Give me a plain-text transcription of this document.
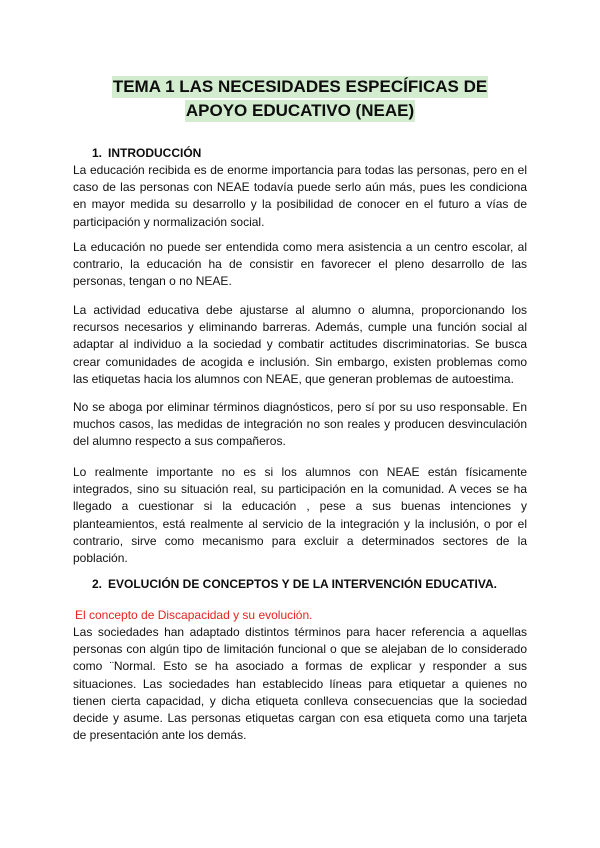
TEMA 1 LAS NECESIDADES ESPECÍFICAS DE
APOYO EDUCATIVO (NEAE)
1. INTRODUCCIÓN

La educación recibida es de enorme importancia para todas las personas, pero en el caso de las personas con NEAE todavía puede serlo aún más, pues les condiciona en mayor medida su desarrollo y la posibilidad de conocer en el futuro a vías de participación y normalización social.

La educación no puede ser entendida como mera asistencia a un centro escolar, al contrario, la educación ha de consistir en favorecer el pleno desarrollo de las personas, tengan o no NEAE.

La actividad educativa debe ajustarse al alumno o alumna, proporcionando los recursos necesarios y eliminando barreras. Además, cumple una función social al adaptar al individuo a la sociedad y combatir actitudes discriminatorias. Se busca crear comunidades de acogida e inclusión. Sin embargo, existen problemas como las etiquetas hacia los alumnos con NEAE, que generan problemas de autoestima.

No se aboga por eliminar términos diagnósticos, pero sí por su uso responsable. En muchos casos, las medidas de integración no son reales y producen desvinculación del alumno respecto a sus compañeros.

Lo realmente importante no es si los alumnos con NEAE están físicamente integrados, sino su situación real, su participación en la comunidad. A veces se ha llegado a cuestionar si la educación , pese a sus buenas intenciones y planteamientos, está realmente al servicio de la integración y la inclusión, o por el contrario, sirve como mecanismo para excluir a determinados sectores de la población.

2. EVOLUCIÓN DE CONCEPTOS Y DE LA INTERVENCIÓN EDUCATIVA.
El concepto de Discapacidad y su evolución.

Las sociedades han adaptado distintos términos para hacer referencia a aquellas personas con algún tipo de limitación funcional o que se alejaban de lo considerado como ¨Normal. Esto se ha asociado a formas de explicar y responder a sus situaciones. Las sociedades han establecido líneas para etiquetar a quienes no tienen cierta capacidad, y dicha etiqueta conlleva consecuencias que la sociedad decide y asume. Las personas etiquetas cargan con esa etiqueta como una tarjeta de presentación ante los demás.
